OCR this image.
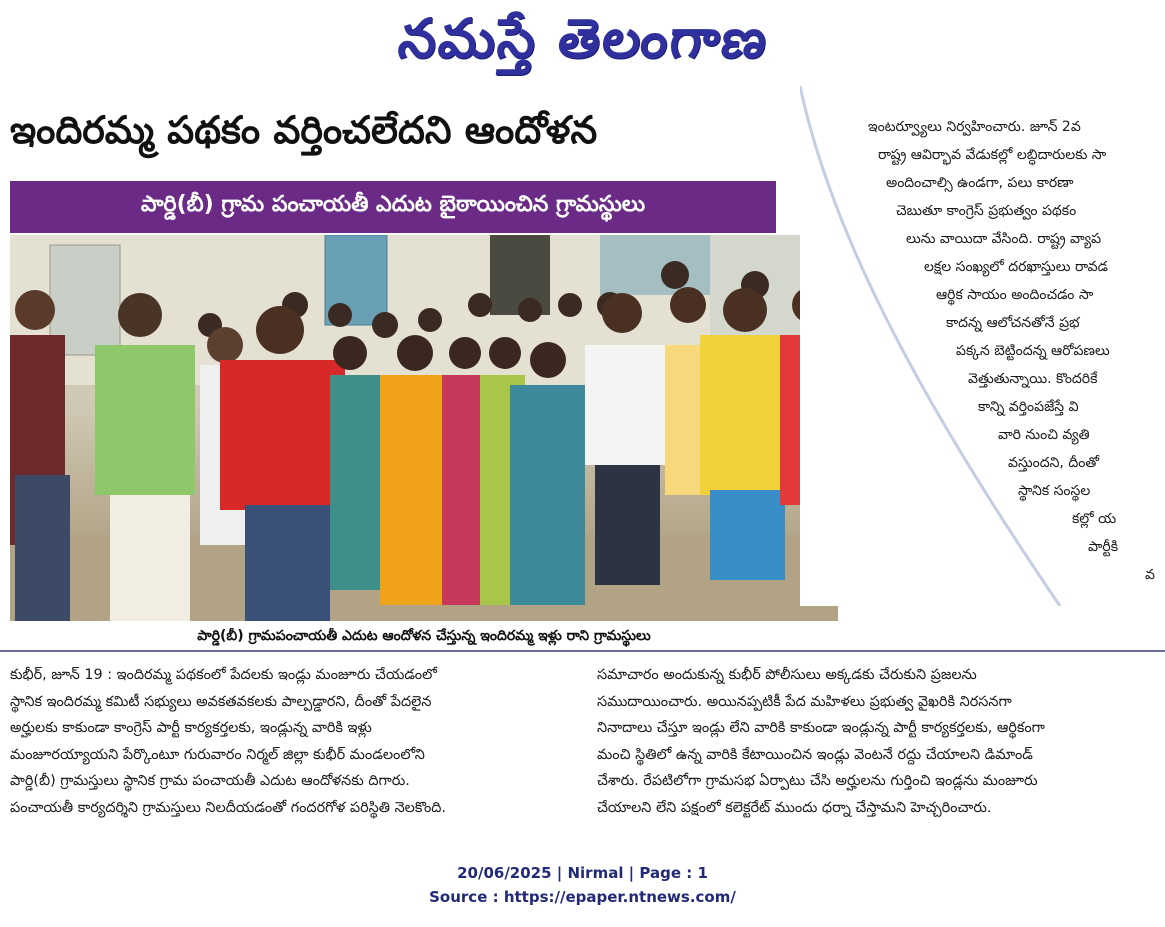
నమస్తే తెలంగాణ
ఇందిరమ్మ పథకం వర్తించలేదని ఆందోళన
పార్డి(బీ) గ్రామ పంచాయతీ ఎదుట బైఠాయించిన గ్రామస్థులు
పార్డి(బీ) గ్రామపంచాయతీ ఎదుట ఆందోళన చేస్తున్న ఇందిరమ్మ ఇళ్లు రాని గ్రామస్థులు
ఇంటర్వ్యూలు నిర్వహించారు. జూన్ 2వ
రాష్ట్ర ఆవిర్భావ వేడుకల్లో లబ్ధిదారులకు సా
అందించాల్సి ఉండగా, పలు కారణా
చెబుతూ కాంగ్రెస్ ప్రభుత్వం పథకం
లును వాయిదా వేసింది. రాష్ట్ర వ్యాప
లక్షల సంఖ్యలో దరఖాస్తులు రావడ
ఆర్థిక సాయం అందించడం సా
కాదన్న ఆలోచనతోనే ప్రభ
పక్కన బెట్టిందన్న ఆరోపణలు
వెత్తుతున్నాయి. కొందరికే
కాన్ని వర్తింపజేస్తే వి
వారి నుంచి వ్యతి
వస్తుందని, దీంతో
స్థానిక సంస్థల
కల్లో య
పార్టీకి
వ

కుభీర్, జూన్ 19 : ఇందిరమ్మ పథకంలో పేదలకు ఇండ్లు మంజూరు చేయడంలో

స్థానిక ఇందిరమ్మ కమిటీ సభ్యులు అవకతవకలకు పాల్పడ్డారని, దీంతో పేదలైన

అర్హులకు కాకుండా కాంగ్రెస్ పార్టీ కార్యకర్తలకు, ఇండ్లున్న వారికి ఇళ్లు

మంజూరయ్యాయని పేర్కొంటూ గురువారం నిర్మల్ జిల్లా కుభీర్ మండలంలోని

పార్డి(బీ) గ్రామస్తులు స్థానిక గ్రామ పంచాయతీ ఎదుట ఆందోళనకు దిగారు.

పంచాయతీ కార్యదర్శిని గ్రామస్తులు నిలదీయడంతో గందరగోళ పరిస్థితి నెలకొంది.

సమాచారం అందుకున్న కుభీర్ పోలీసులు అక్కడకు చేరుకుని ప్రజలను

సముదాయించారు. అయినప్పటికీ పేద మహిళలు ప్రభుత్వ వైఖరికి నిరసనగా

నినాదాలు చేస్తూ ఇండ్లు లేని వారికి కాకుండా ఇండ్లున్న పార్టీ కార్యకర్తలకు, ఆర్థికంగా

మంచి స్థితిలో ఉన్న వారికి కేటాయించిన ఇండ్లు వెంటనే రద్దు చేయాలని డిమాండ్

చేశారు. రేపటిలోగా గ్రామసభ ఏర్పాటు చేసి అర్హులను గుర్తించి ఇండ్లను మంజూరు

చేయాలని లేని పక్షంలో కలెక్టరేట్ ముందు ధర్నా చేస్తామని హెచ్చరించారు.

20/06/2025 | Nirmal | Page : 1
Source : https://epaper.ntnews.com/
